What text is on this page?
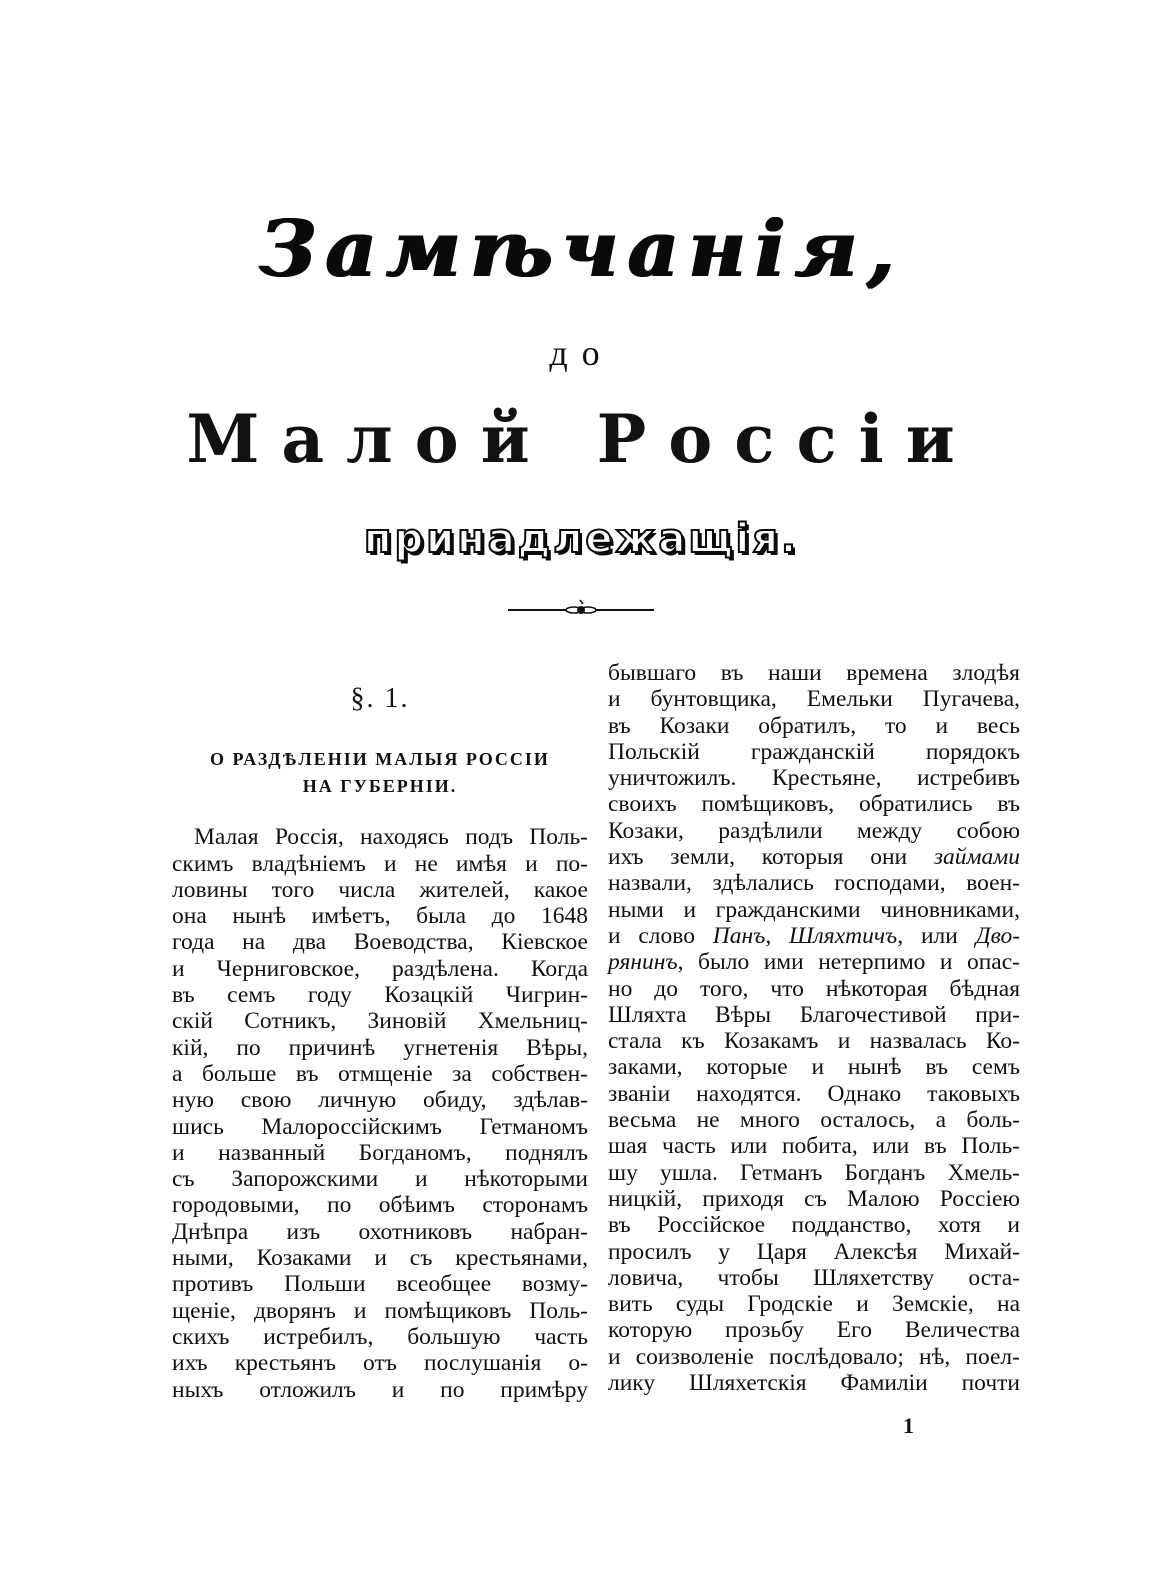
Замѣчанія,
до
Малой Россіи
принадлежащія.
§. 1.
О РАЗДѢЛЕНІИ МАЛЫЯ РОССІИ
НА ГУБЕРНІИ.
Малая Россія, находясь подъ Поль-
скимъ владѣніемъ и не имѣя и по-
ловины того числа жителей, какое
она нынѣ имѣетъ, была до 1648
года на два Воеводства, Кіевское
и Черниговское, раздѣлена. Когда
въ семъ году Козацкій Чигрин-
скій Сотникъ, Зиновій Хмельниц-
кій, по причинѣ угнетенія Вѣры,
а больше въ отмщеніе за собствен-
ную свою личную обиду, здѣлав-
шись Малороссійскимъ Гетманомъ
и названный Богданомъ, поднялъ
съ Запорожскими и нѣкоторыми
городовыми, по обѣимъ сторонамъ
Днѣпра изъ охотниковъ набран-
ными, Козаками и съ крестьянами,
противъ Польши всеобщее возму-
щеніе, дворянъ и помѣщиковъ Поль-
скихъ истребилъ, большую часть
ихъ крестьянъ отъ послушанія о-
ныхъ отложилъ и по примѣру
бывшаго въ наши времена злодѣя
и бунтовщика, Емельки Пугачева,
въ Козаки обратилъ, то и весь
Польскій гражданскій порядокъ
уничтожилъ. Крестьяне, истребивъ
своихъ помѣщиковъ, обратились въ
Козаки, раздѣлили между собою
ихъ земли, которыя они займами
назвали, здѣлались господами, воен-
ными и гражданскими чиновниками,
и слово Панъ, Шляхтичъ, или Дво-
рянинъ, было ими нетерпимо и опас-
но до того, что нѣкоторая бѣдная
Шляхта Вѣры Благочестивой при-
стала къ Козакамъ и назвалась Ко-
заками, которые и нынѣ въ семъ
званіи находятся. Однако таковыхъ
весьма не много осталось, а боль-
шая часть или побита, или въ Поль-
шу ушла. Гетманъ Богданъ Хмель-
ницкій, приходя съ Малою Россіею
въ Россійское подданство, хотя и
просилъ у Царя Алексѣя Михай-
ловича, чтобы Шляхетству оста-
вить суды Гродскіе и Земскіе, на
которую прозьбу Его Величества
и соизволеніе послѣдовало; нѣ, поел-
лику Шляхетскія Фамиліи почти
1
